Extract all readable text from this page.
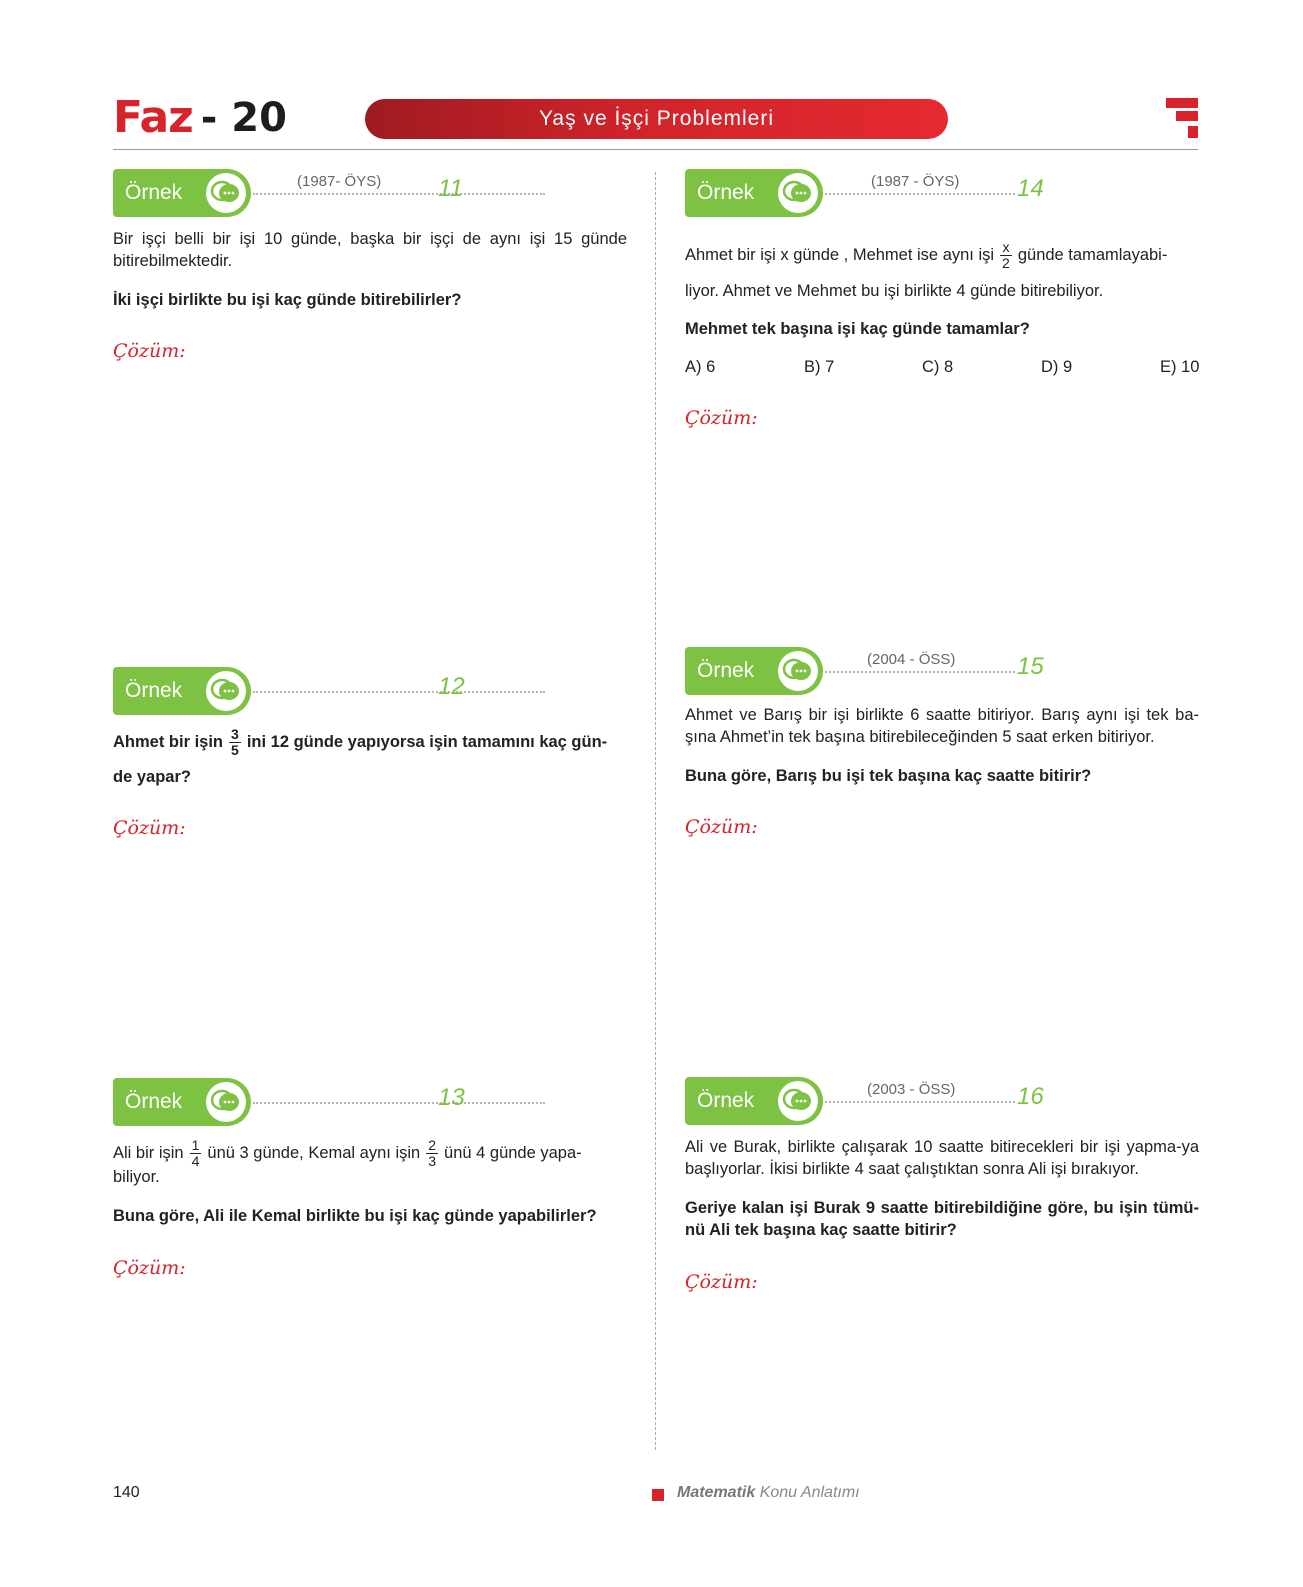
Faz - 20	Yaş ve İşçi Problemleri
Örnek	(1987- ÖYS) 11
Bir işçi belli bir işi 10 günde, başka bir işçi de aynı işi 15 günde bitirebilmektedir.
İki işçi birlikte bu işi kaç günde bitirebilirler?
Çözüm:
Örnek	12
Ahmet bir işin $\frac{3}{5}$ ini 12 günde yapıyorsa işin tamamını kaç gün-
de yapar?
Çözüm:
Örnek	13
Ali bir işin $\frac{1}{4}$ ünü 3 günde, Kemal aynı işin $\frac{2}{3}$ ünü 4 günde yapa-
biliyor.
Buna göre, Ali ile Kemal birlikte bu işi kaç günde yapabilirler?
Çözüm:
Örnek	(1987 - ÖYS) 14
Ahmet bir işi x günde , Mehmet ise aynı işi $\frac{x}{2}$ günde tamamlayabi-
liyor. Ahmet ve Mehmet bu işi birlikte 4 günde bitirebiliyor.
Mehmet tek başına işi kaç günde tamamlar?
A) 6	B) 7	C) 8	D) 9	E) 10
Çözüm:
Örnek	(2004 - ÖSS)	15
Ahmet ve Barış bir işi birlikte 6 saatte bitiriyor. Barış aynı işi tek ba-şına Ahmet’in tek başına bitirebileceğinden 5 saat erken bitiriyor.
Buna göre, Barış bu işi tek başına kaç saatte bitirir?
Çözüm:
Örnek	(2003 - ÖSS)	16
Ali ve Burak, birlikte çalışarak 10 saatte bitirecekleri bir işi yapma-ya başlıyorlar. İkisi birlikte 4 saat çalıştıktan sonra Ali işi bırakıyor.
Geriye kalan işi Burak 9 saatte bitirebildiğine göre, bu işin tümü-nü Ali tek başına kaç saatte bitirir?
Çözüm:
140	Matematik Konu Anlatımı
